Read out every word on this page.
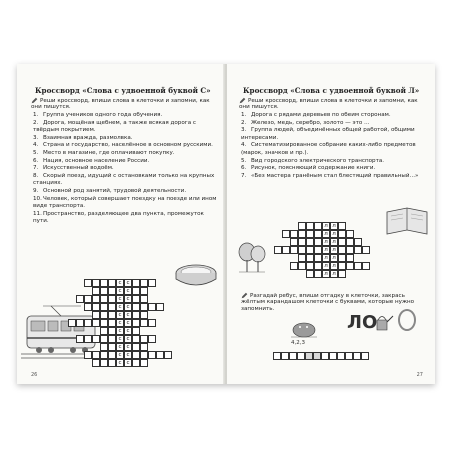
Кроссворд «Слова с удвоенной буквой С»
Реши кроссворд, впиши слова в клеточки и запомни, как они пишутся.
1. Группа учеников одного года обучения.
2. Дорога, мощёная щебнем, а также всякая дорога с твёрдым покрытием.
3. Взаимная вражда, размолвка.
4. Страна и государство, населённое в основном русскими.
5. Место в магазине, где оплачивают покупку.
6. Нация, основное население России.
7. Искусственный водоём.
8. Скорый поезд, идущий с остановками только на крупных станциях.
9. Основной род занятий, трудовой деятельности.
10.Человек, который совершает поездку на поезде или ином виде транспорта.
11.Пространство, разделяющее два пункта, промежуток пути.
с с
с с
с с
с с
с с
с с
с с
с с
с с
с с
с с
26
Кроссворд «Слова с удвоенной буквой Л»
Реши кроссворд, впиши слова в клеточки и запомни, как они пишутся.
1. Дорога с рядами деревьев по обеим сторонам.
2. Железо, медь, серебро, золото — это …
3. Группа людей, объединённых общей работой, общими интересами.
4. Систематизированное собрание каких-либо предметов (марок, значков и пр.).
5. Вид городского электрического транспорта.
6. Рисунок, поясняющий содержание книги.
7. «Без мастера гранёным стал блестящий правильный…»
л л
л л
л л
л л
л л
л л
л л
Разгадай ребус, впиши отгадку в клеточки, закрась жёлтым карандашом клеточки с буквами, которые нужно запомнить.
4,2,3
ЛО
27
